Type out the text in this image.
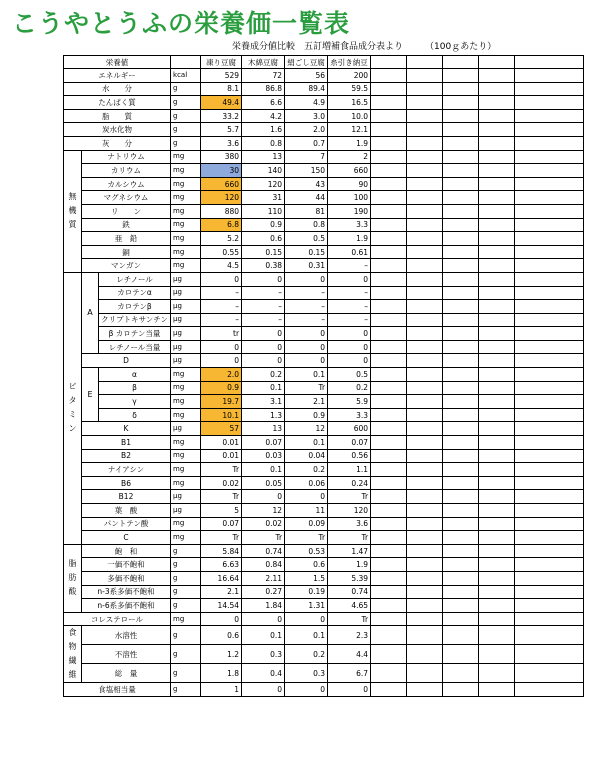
こうやとうふの栄養価一覧表
栄養成分値比較　五訂増補食品成分表より （100ｇあたり）
栄養値				凍り豆腐	木綿豆腐	絹ごし豆腐	糸引き納豆					
エネルギー			kcal	529	72	56	200					
水　　分			g	8.1	86.8	89.4	59.5					
たんぱく質			g	49.4	6.6	4.9	16.5					
脂　　質			g	33.2	4.2	3.0	10.0					
炭水化物			g	5.7	1.6	2.0	12.1					
灰　　分			g	3.6	0.8	0.7	1.9					

無
機
質	ナトリウム		mg	380	13	7	2					
	カリウム		mg	30	140	150	660					
	カルシウム		mg	660	120	43	90					
	マグネシウム		mg	120	31	44	100					
	リ　　ン		mg	880	110	81	190					
	鉄		mg	6.8	0.9	0.8	3.3					
	亜　鉛		mg	5.2	0.6	0.5	1.9					
	銅		mg	0.55	0.15	0.15	0.61					
	マンガン		mg	4.5	0.38	0.31	–					

ビ
タ
ミ
ン	A	レチノール	μg	0	0	0	0					
		カロテンα	μg	–	–	–	–					
		カロテンβ	μg	–	–	–	–					
		クリプトキサンチン	μg	–	–	–	–					
		β カロテン当量	μg	tr	0	0	0					
		レチノール当量	μg	0	0	0	0					
	D		μg	0	0	0	0					
	E	α	mg	2.0	0.2	0.1	0.5					
		β	mg	0.9	0.1	Tr	0.2					
		γ	mg	19.7	3.1	2.1	5.9					
		δ	mg	10.1	1.3	0.9	3.3					
	K		μg	57	13	12	600					
	B1		mg	0.01	0.07	0.1	0.07					
	B2		mg	0.01	0.03	0.04	0.56					
	ナイアシン		mg	Tr	0.1	0.2	1.1					
	B6		mg	0.02	0.05	0.06	0.24					
	B12		μg	Tr	0	0	Tr					
	葉　酸		μg	5	12	11	120					
	パントテン酸		mg	0.07	0.02	0.09	3.6					
	C		mg	Tr	Tr	Tr	Tr					

脂
肪
酸	飽　和		g	5.84	0.74	0.53	1.47					
	一価不飽和		g	6.63	0.84	0.6	1.9					
	多価不飽和		g	16.64	2.11	1.5	5.39					
	n-3系多価不飽和		g	2.1	0.27	0.19	0.74					
	n-6系多価不飽和		g	14.54	1.84	1.31	4.65					
コレステロール			mg	0	0	0	Tr					

食
物
繊
維	水溶性		g	0.6	0.1	0.1	2.3					
	不溶性		g	1.2	0.3	0.2	4.4					
	総　量		g	1.8	0.4	0.3	6.7					
食塩相当量			g	1	0	0	0					
